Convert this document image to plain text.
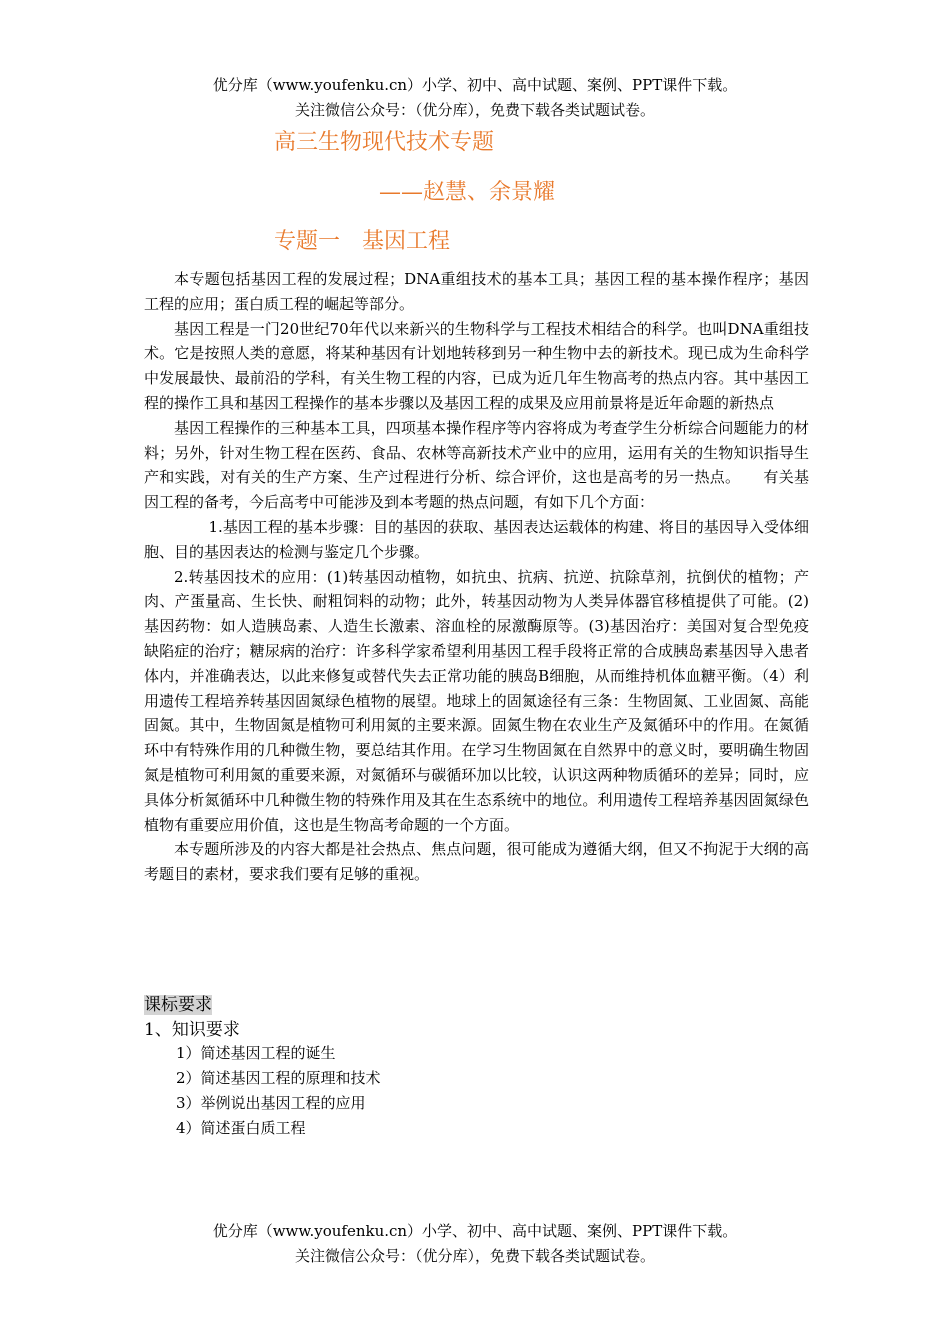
优分库（www.youfenku.cn）小学、初中、高中试题、案例、PPT课件下载。
关注微信公众号：（优分库），免费下载各类试题试卷。
高三生物现代技术专题
——赵慧、余景耀
专题一　基因工程

本专题包括基因工程的发展过程；DNA重组技术的基本工具；基因工程的基本操作程序；基因工程的应用；蛋白质工程的崛起等部分。

基因工程是一门20世纪70年代以来新兴的生物科学与工程技术相结合的科学。也叫DNA重组技术。它是按照人类的意愿，将某种基因有计划地转移到另一种生物中去的新技术。现已成为生命科学中发展最快、最前沿的学科，有关生物工程的内容，已成为近几年生物高考的热点内容。其中基因工程的操作工具和基因工程操作的基本步骤以及基因工程的成果及应用前景将是近年命题的新热点

基因工程操作的三种基本工具，四项基本操作程序等内容将成为考查学生分析综合问题能力的材料；另外，针对生物工程在医药、食品、农林等高新技术产业中的应用，运用有关的生物知识指导生产和实践，对有关的生产方案、生产过程进行分析、综合评价，这也是高考的另一热点。　　有关基因工程的备考，今后高考中可能涉及到本考题的热点问题，有如下几个方面：

1.基因工程的基本步骤：目的基因的获取、基因表达运载体的构建、将目的基因导入受体细胞、目的基因表达的检测与鉴定几个步骤。

2.转基因技术的应用：(1)转基因动植物，如抗虫、抗病、抗逆、抗除草剂，抗倒伏的植物；产肉、产蛋量高、生长快、耐粗饲料的动物；此外，转基因动物为人类异体器官移植提供了可能。(2)基因药物：如人造胰岛素、人造生长激素、溶血栓的尿激酶原等。(3)基因治疗：美国对复合型免疫缺陷症的治疗；糖尿病的治疗：许多科学家希望利用基因工程手段将正常的合成胰岛素基因导入患者体内，并准确表达，以此来修复或替代失去正常功能的胰岛B细胞，从而维持机体血糖平衡。（4）利用遗传工程培养转基因固氮绿色植物的展望。地球上的固氮途径有三条：生物固氮、工业固氮、高能固氮。其中，生物固氮是植物可利用氮的主要来源。固氮生物在农业生产及氮循环中的作用。在氮循环中有特殊作用的几种微生物，要总结其作用。在学习生物固氮在自然界中的意义时，要明确生物固氮是植物可利用氮的重要来源，对氮循环与碳循环加以比较，认识这两种物质循环的差异；同时，应具体分析氮循环中几种微生物的特殊作用及其在生态系统中的地位。利用遗传工程培养基因固氮绿色植物有重要应用价值，这也是生物高考命题的一个方面。

本专题所涉及的内容大都是社会热点、焦点问题，很可能成为遵循大纲，但又不拘泥于大纲的高考题目的素材，要求我们要有足够的重视。

课标要求
1、知识要求
1）简述基因工程的诞生
2）简述基因工程的原理和技术
3）举例说出基因工程的应用
4）简述蛋白质工程
优分库（www.youfenku.cn）小学、初中、高中试题、案例、PPT课件下载。
关注微信公众号：（优分库），免费下载各类试题试卷。
